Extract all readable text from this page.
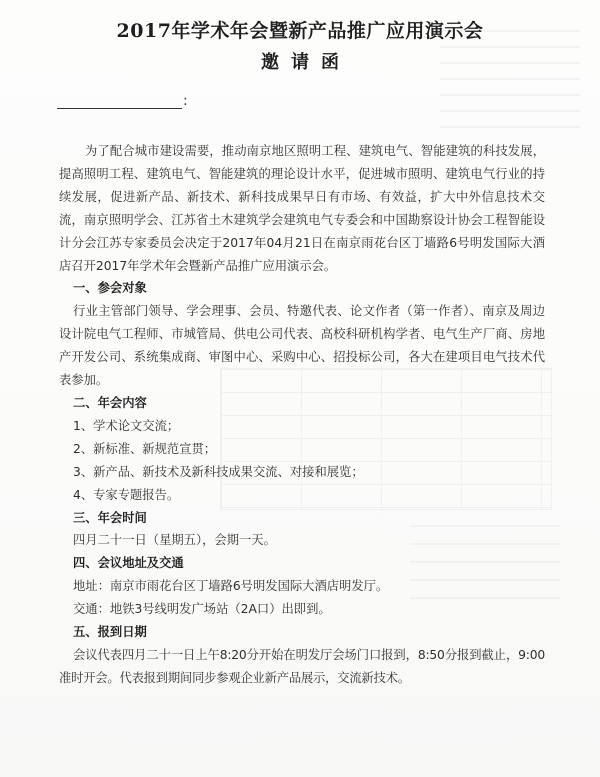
2017年学术年会暨新产品推广应用演示会
邀请函
:

为了配合城市建设需要，推动南京地区照明工程、建筑电气、智能建筑的科技发展，提高照明工程、建筑电气、智能建筑的理论设计水平，促进城市照明、建筑电气行业的持续发展，促进新产品、新技术、新科技成果早日有市场、有效益，扩大中外信息技术交流，南京照明学会、江苏省土木建筑学会建筑电气专委会和中国勘察设计协会工程智能设计分会江苏专家委员会决定于2017年04月21日在南京雨花台区丁墙路6号明发国际大酒店召开2017年学术年会暨新产品推广应用演示会。

一、参会对象

行业主管部门领导、学会理事、会员、特邀代表、论文作者（第一作者）、南京及周边设计院电气工程师、市城管局、供电公司代表、高校科研机构学者、电气生产厂商、房地产开发公司、系统集成商、审图中心、采购中心、招投标公司，各大在建项目电气技术代表参加。

二、年会内容

1、学术论文交流；

2、新标准、新规范宣贯；

3、新产品、新技术及新科技成果交流、对接和展览；

4、专家专题报告。

三、年会时间

四月二十一日（星期五），会期一天。

四、会议地址及交通

地址：南京市雨花台区丁墙路6号明发国际大酒店明发厅。

交通：地铁3号线明发广场站（2A口）出即到。

五、报到日期

会议代表四月二十一日上午8:20分开始在明发厅会场门口报到，8:50分报到截止，9:00准时开会。代表报到期间同步参观企业新产品展示，交流新技术。
